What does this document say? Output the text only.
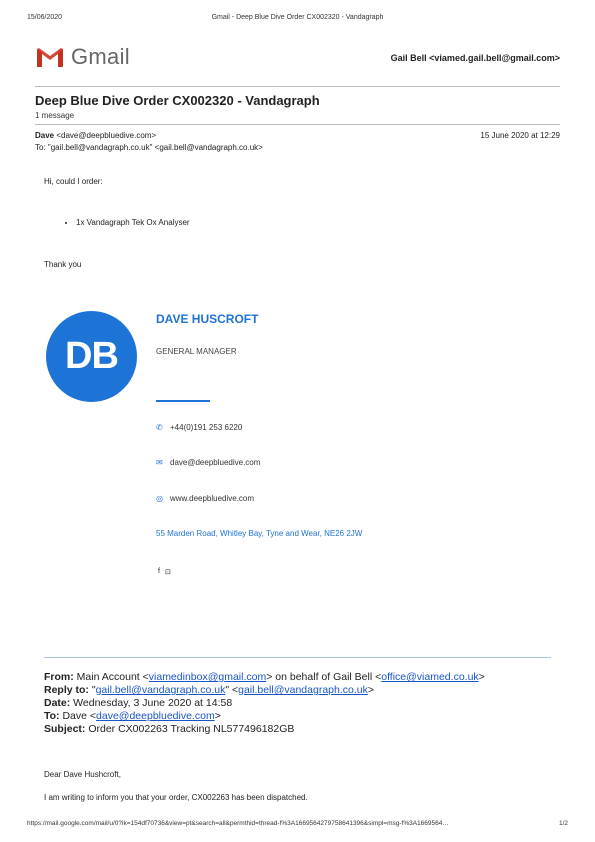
15/06/2020	Gmail - Deep Blue Dive Order CX002320 - Vandagraph
Gmail	Gail Bell <viamed.gail.bell@gmail.com>
Deep Blue Dive Order CX002320 - Vandagraph
1 message
Dave <dave@deepbluedive.com>
To: "gail.bell@vandagraph.co.uk" <gail.bell@vandagraph.co.uk>
15 June 2020 at 12:29
Hi, could I order:
• 1x Vandagraph Tek Ox Analyser
Thank you
DB
DAVE HUSCROFT
GENERAL MANAGER
✆ +44(0)191 253 6220
✉ dave@deepbluedive.com
◎ www.deepbluedive.com
55 Marden Road, Whitley Bay, Tyne and Wear, NE26 2JW
f ⊡
From: Main Account <viamedinbox@gmail.com> on behalf of Gail Bell <office@viamed.co.uk>
Reply to: "gail.bell@vandagraph.co.uk" <gail.bell@vandagraph.co.uk>
Date: Wednesday, 3 June 2020 at 14:58
To: Dave <dave@deepbluedive.com>
Subject: Order CX002263 Tracking NL577496182GB
Dear Dave Hushcroft,
I am writing to inform you that your order, CX002263 has been dispatched.
https://mail.google.com/mail/u/0?ik=154df70736&view=pt&search=all&permthid=thread-f%3A1669564279758641396&simpl=msg-f%3A1669564…	1/2
